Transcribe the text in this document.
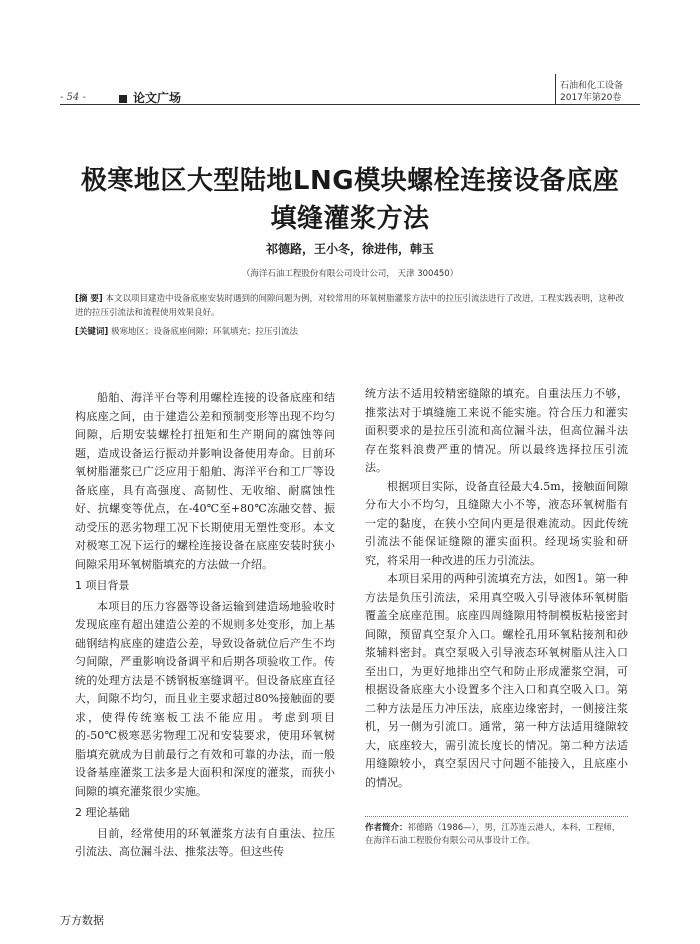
- 54 -	论文广场
石油和化工设备
2017年第20卷
极寒地区大型陆地LNG模块螺栓连接设备底座
填缝灌浆方法
祁德路，王小冬，徐进伟，韩玉
（海洋石油工程股份有限公司设计公司， 天津 300450）
[摘 要] 本文以项目建造中设备底座安装时遇到的间隙问题为例，对较常用的环氧树脂灌浆方法中的拉压引流法进行了改进，工程实践表明，这种改进的拉压引流法和流程使用效果良好。
[关键词] 极寒地区；设备底座间隙；环氧填充；拉压引流法

船舶、海洋平台等利用螺栓连接的设备底座和结构底座之间，由于建造公差和预制变形等出现不均匀间隙，后期安装螺栓打扭矩和生产期间的腐蚀等问题，造成设备运行振动并影响设备使用寿命。目前环氧树脂灌浆已广泛应用于船舶、海洋平台和工厂等设备底座，具有高强度、高韧性、无收缩、耐腐蚀性好、抗螺变等优点，在-40℃至+80℃冻融交替、振动受压的恶劣物理工况下长期使用无塑性变形。本文对极寒工况下运行的螺栓连接设备在底座安装时狭小间隙采用环氧树脂填充的方法做一介绍。

1 项目背景

本项目的压力容器等设备运输到建造场地验收时发现底座有超出建造公差的不规则多处变形，加上基础钢结构底座的建造公差，导致设备就位后产生不均匀间隙，严重影响设备调平和后期各项验收工作。传统的处理方法是不锈钢板塞缝调平。但设备底座直径大，间隙不均匀，而且业主要求超过80%接触面的要求，使得传统塞板工法不能应用。考虑到项目的-50℃极寒恶劣物理工况和安装要求，使用环氧树脂填充就成为目前最行之有效和可靠的办法，而一般设备基座灌浆工法多是大面积和深度的灌浆，而狭小间隙的填充灌浆很少实施。

2 理论基础

目前，经常使用的环氧灌浆方法有自重法、拉压引流法、高位漏斗法、推浆法等。但这些传

统方法不适用较精密缝隙的填充。自重法压力不够，推浆法对于填缝施工来说不能实施。符合压力和灌实面积要求的是拉压引流和高位漏斗法，但高位漏斗法存在浆料浪费严重的情况。所以最终选择拉压引流法。

根据项目实际，设备直径最大4.5m，接触面间隙分布大小不均匀，且缝隙大小不等，液态环氧树脂有一定的黏度，在狭小空间内更是很难流动。因此传统引流法不能保证缝隙的灌实面积。经现场实验和研究，将采用一种改进的压力引流法。

本项目采用的两种引流填充方法，如图1。第一种方法是负压引流法，采用真空吸入引导液体环氧树脂覆盖全底座范围。底座四周缝隙用特制模板粘接密封间隙，预留真空泵介入口。螺栓孔用环氧粘接剂和砂浆辅料密封。真空泵吸入引导液态环氧树脂从注入口至出口，为更好地排出空气和防止形成灌浆空洞，可根据设备底座大小设置多个注入口和真空吸入口。第二种方法是压力冲压法，底座边缘密封，一侧接注浆机，另一侧为引流口。通常，第一种方法适用缝隙较大，底座较大，需引流长度长的情况。第二种方法适用缝隙较小，真空泵因尺寸问题不能接入，且底座小的情况。

作者简介：祁德路（1986—），男，江苏连云港人，本科，工程师，在海洋石油工程股份有限公司从事设计工作。
万方数据
